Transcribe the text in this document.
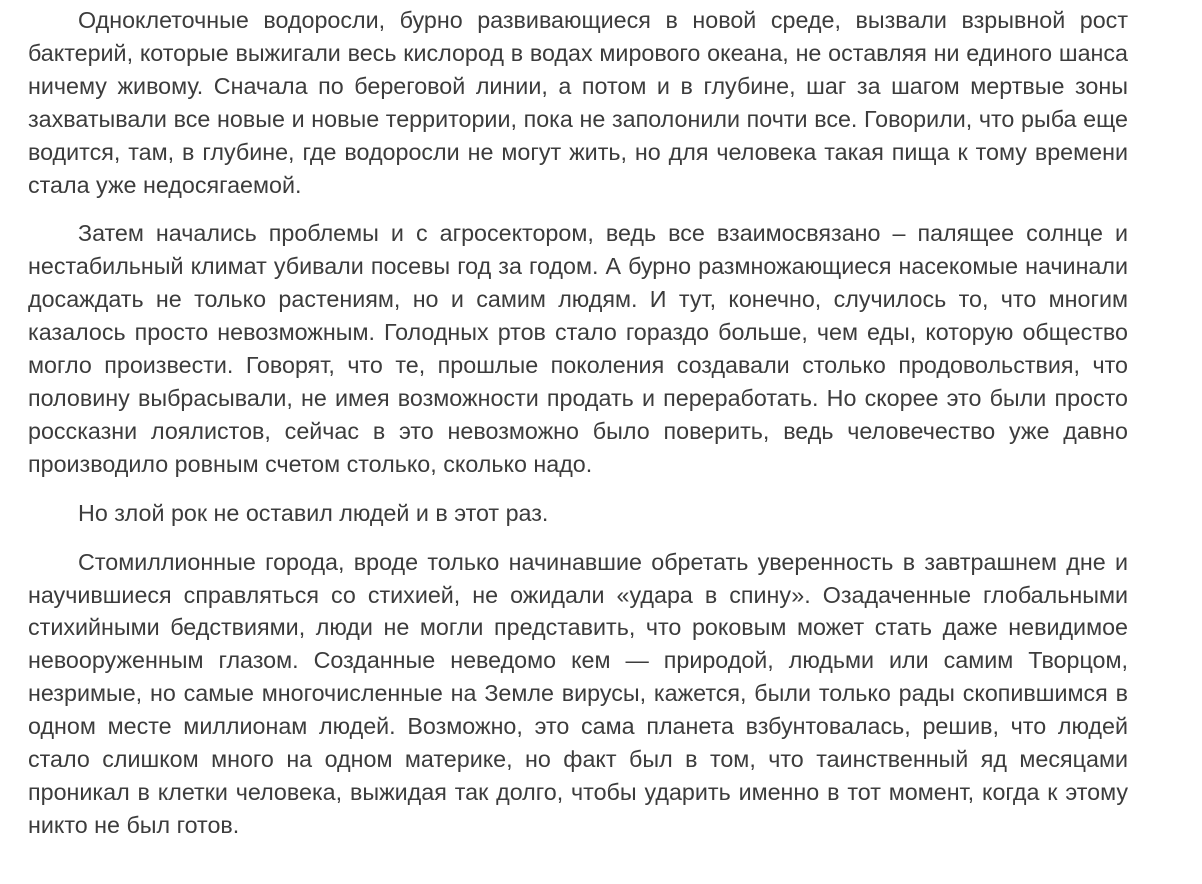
Одноклеточные водоросли, бурно развивающиеся в новой среде, вызвали взрывной рост бактерий, которые выжигали весь кислород в водах мирового океана, не оставляя ни единого шанса ничему живому. Сначала по береговой линии, а потом и в глубине, шаг за шагом мертвые зоны захватывали все новые и новые территории, пока не заполонили почти все. Говорили, что рыба еще водится, там, в глубине, где водоросли не могут жить, но для человека такая пища к тому времени стала уже недосягаемой.

Затем начались проблемы и с агросектором, ведь все взаимосвязано – палящее солнце и нестабильный климат убивали посевы год за годом. А бурно размножающиеся насекомые начинали досаждать не только растениям, но и самим людям. И тут, конечно, случилось то, что многим казалось просто невозможным. Голодных ртов стало гораздо больше, чем еды, которую общество могло произвести. Говорят, что те, прошлые поколения создавали столько продовольствия, что половину выбрасывали, не имея возможности продать и переработать. Но скорее это были просто россказни лоялистов, сейчас в это невозможно было поверить, ведь человечество уже давно производило ровным счетом столько, сколько надо.

Но злой рок не оставил людей и в этот раз.

Стомиллионные города, вроде только начинавшие обретать уверенность в завтрашнем дне и научившиеся справляться со стихией, не ожидали «удара в спину». Озадаченные глобальными стихийными бедствиями, люди не могли представить, что роковым может стать даже невидимое невооруженным глазом. Созданные неведомо кем — природой, людьми или самим Творцом, незримые, но самые многочисленные на Земле вирусы, кажется, были только рады скопившимся в одном месте миллионам людей. Возможно, это сама планета взбунтовалась, решив, что людей стало слишком много на одном материке, но факт был в том, что таинственный яд месяцами проникал в клетки человека, выжидая так долго, чтобы ударить именно в тот момент, когда к этому никто не был готов.
